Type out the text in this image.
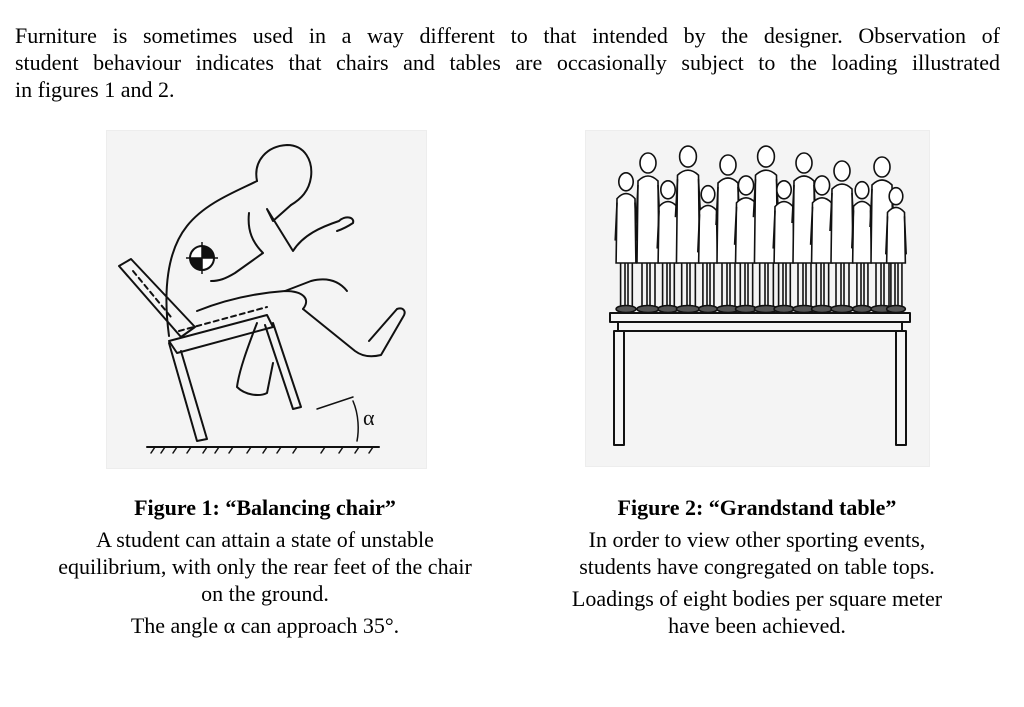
Furniture is sometimes used in a way different to that intended by the designer. Observation of
student behaviour indicates that chairs and tables are occasionally subject to the loading illustrated
in figures 1 and 2.
α
Figure 1: “Balancing chair”
A student can attain a state of unstable
equilibrium, with only the rear feet of the chair
on the ground.
The angle α can approach 35°.
Figure 2: “Grandstand table”
In order to view other sporting events,
students have congregated on table tops.
Loadings of eight bodies per square meter
have been achieved.
